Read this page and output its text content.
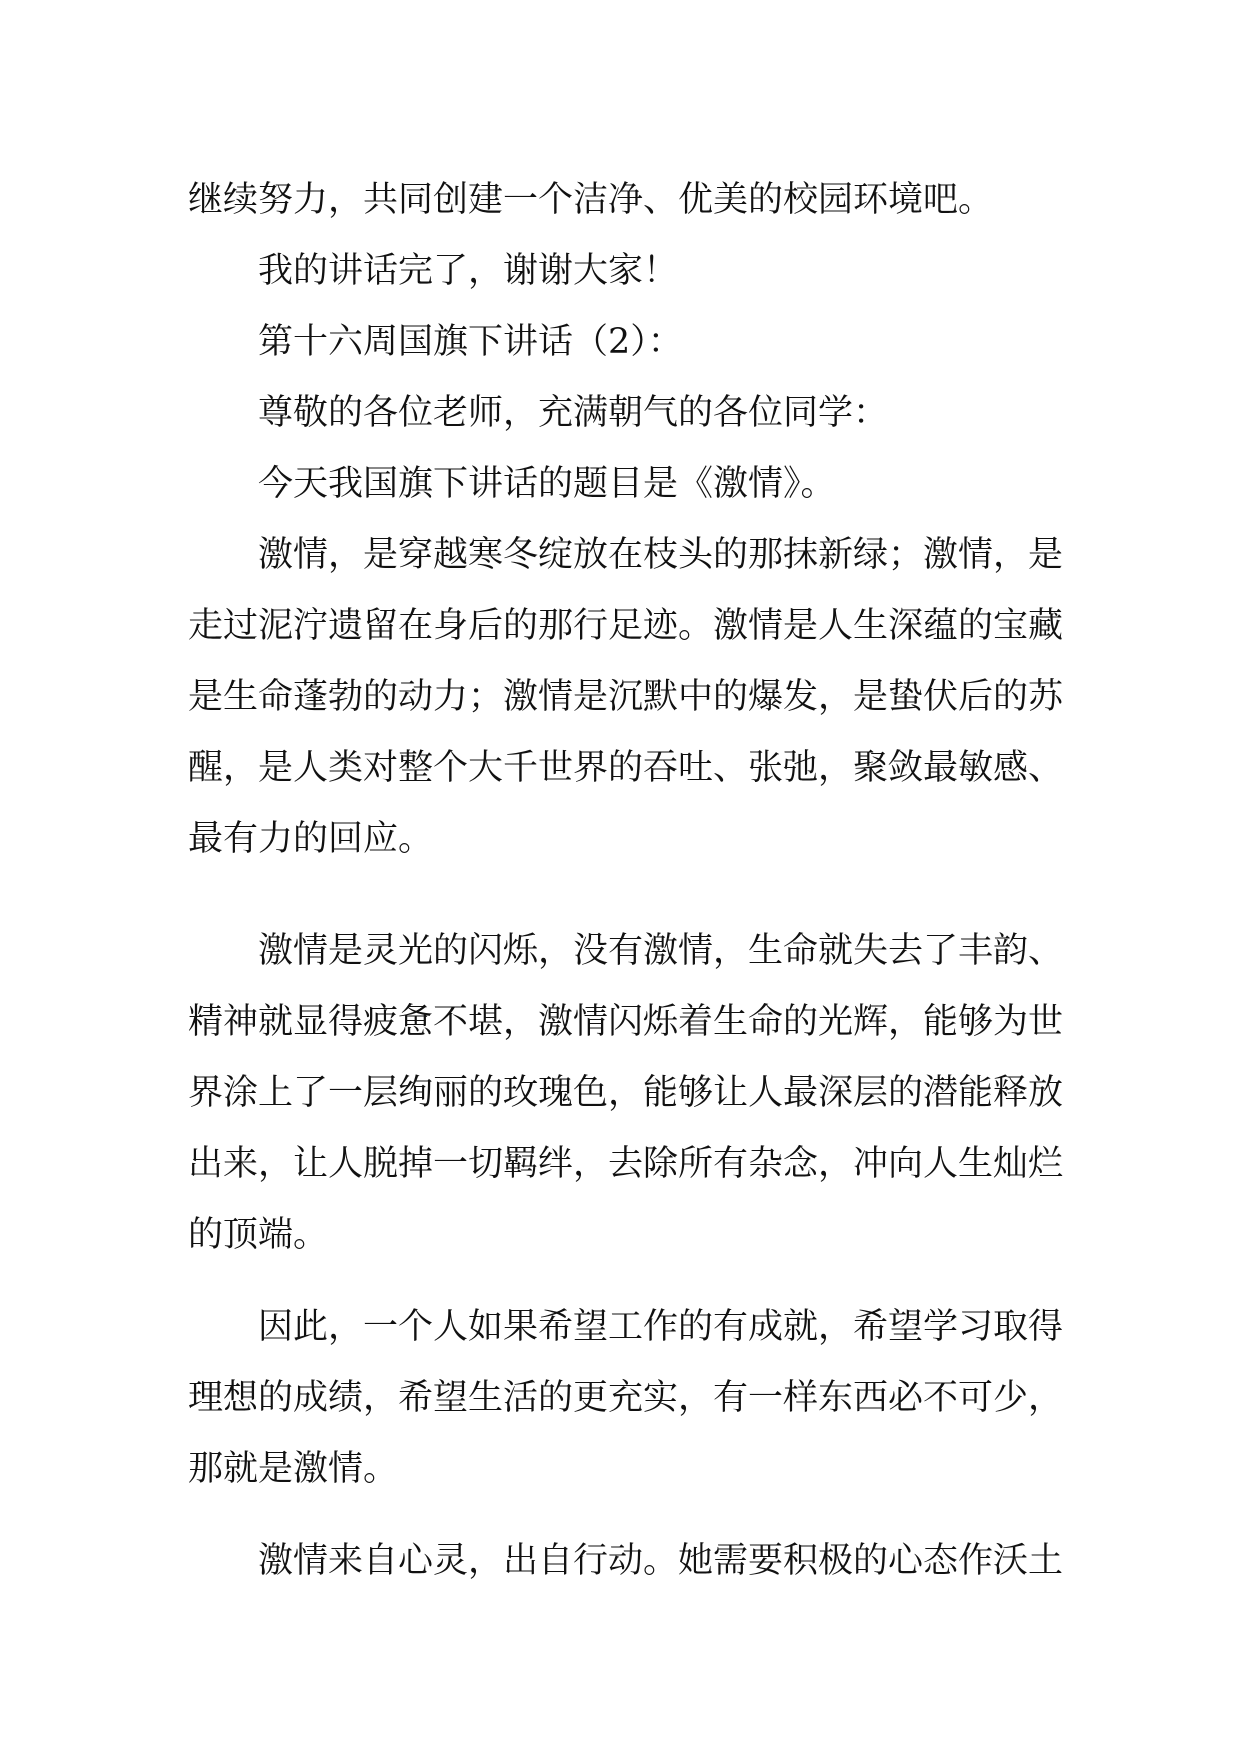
继续努力，共同创建一个洁净、优美的校园环境吧。
我的讲话完了，谢谢大家！
第十六周国旗下讲话（2）：
尊敬的各位老师，充满朝气的各位同学：
今天我国旗下讲话的题目是《激情》。
激情，是穿越寒冬绽放在枝头的那抹新绿；激情，是
走过泥泞遗留在身后的那行足迹。激情是人生深蕴的宝藏
是生命蓬勃的动力；激情是沉默中的爆发，是蛰伏后的苏
醒，是人类对整个大千世界的吞吐、张弛，聚敛最敏感、
最有力的回应。
激情是灵光的闪烁，没有激情，生命就失去了丰韵、
精神就显得疲惫不堪，激情闪烁着生命的光辉，能够为世
界涂上了一层绚丽的玫瑰色，能够让人最深层的潜能释放
出来，让人脱掉一切羁绊，去除所有杂念，冲向人生灿烂
的顶端。
因此，一个人如果希望工作的有成就，希望学习取得
理想的成绩，希望生活的更充实，有一样东西必不可少，
那就是激情。
激情来自心灵，出自行动。她需要积极的心态作沃土
